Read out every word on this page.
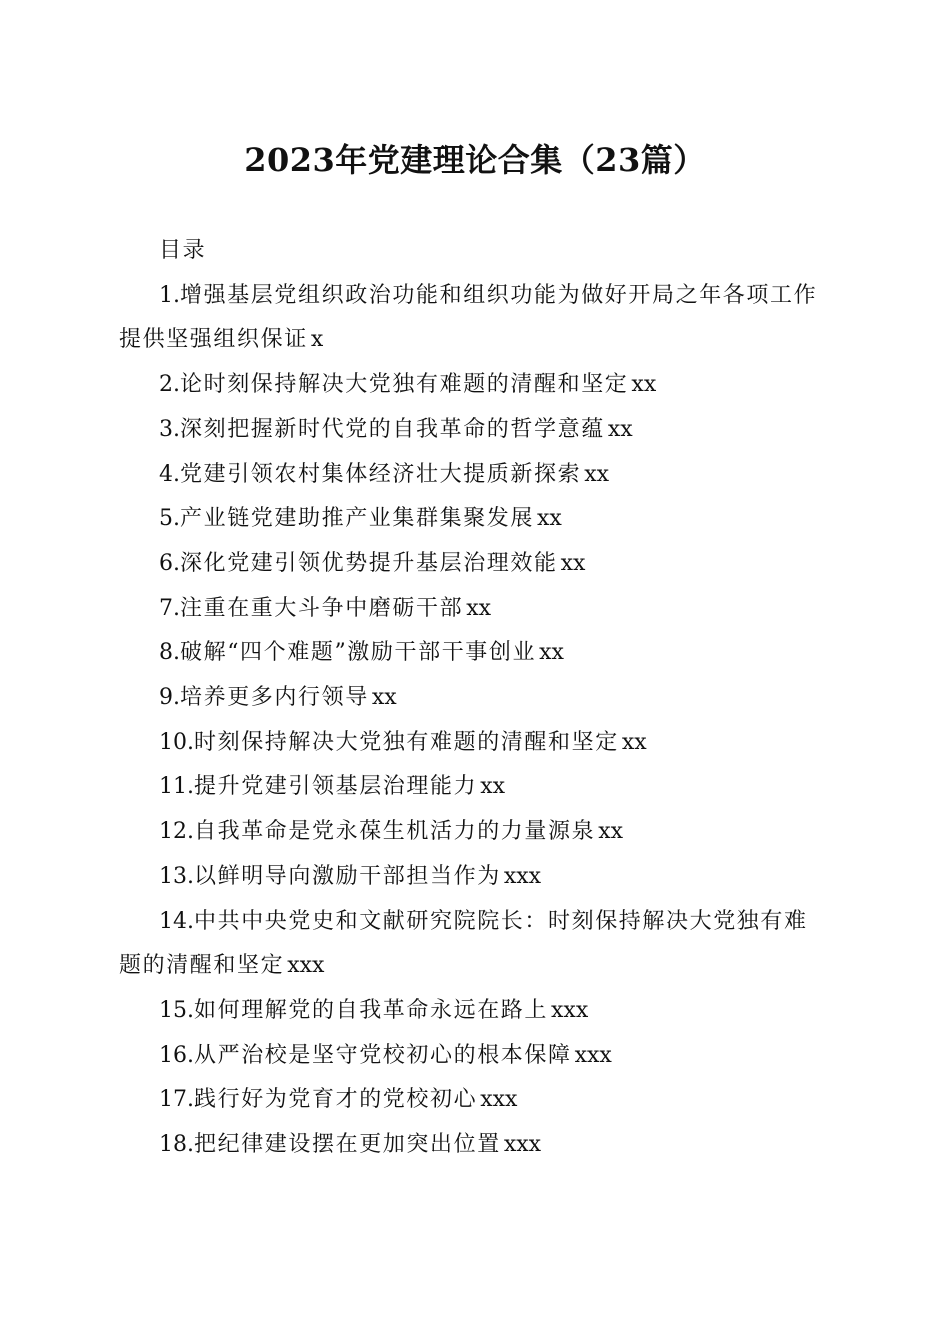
2023年党建理论合集（23篇）

目录

1.增强基层党组织政治功能和组织功能为做好开局之年各项工作提供坚强组织保证 x
2.论时刻保持解决大党独有难题的清醒和坚定 xx
3.深刻把握新时代党的自我革命的哲学意蕴 xx
4.党建引领农村集体经济壮大提质新探索 xx
5.产业链党建助推产业集群集聚发展 xx
6.深化党建引领优势提升基层治理效能 xx
7.注重在重大斗争中磨砺干部 xx
8.破解“四个难题”激励干部干事创业 xx
9.培养更多内行领导 xx
10.时刻保持解决大党独有难题的清醒和坚定 xx
11.提升党建引领基层治理能力 xx
12.自我革命是党永葆生机活力的力量源泉 xx
13.以鲜明导向激励干部担当作为 xxx
14.中共中央党史和文献研究院院长：时刻保持解决大党独有难题的清醒和坚定 xxx
15.如何理解党的自我革命永远在路上 xxx
16.从严治校是坚守党校初心的根本保障 xxx
17.践行好为党育才的党校初心 xxx
18.把纪律建设摆在更加突出位置 xxx
